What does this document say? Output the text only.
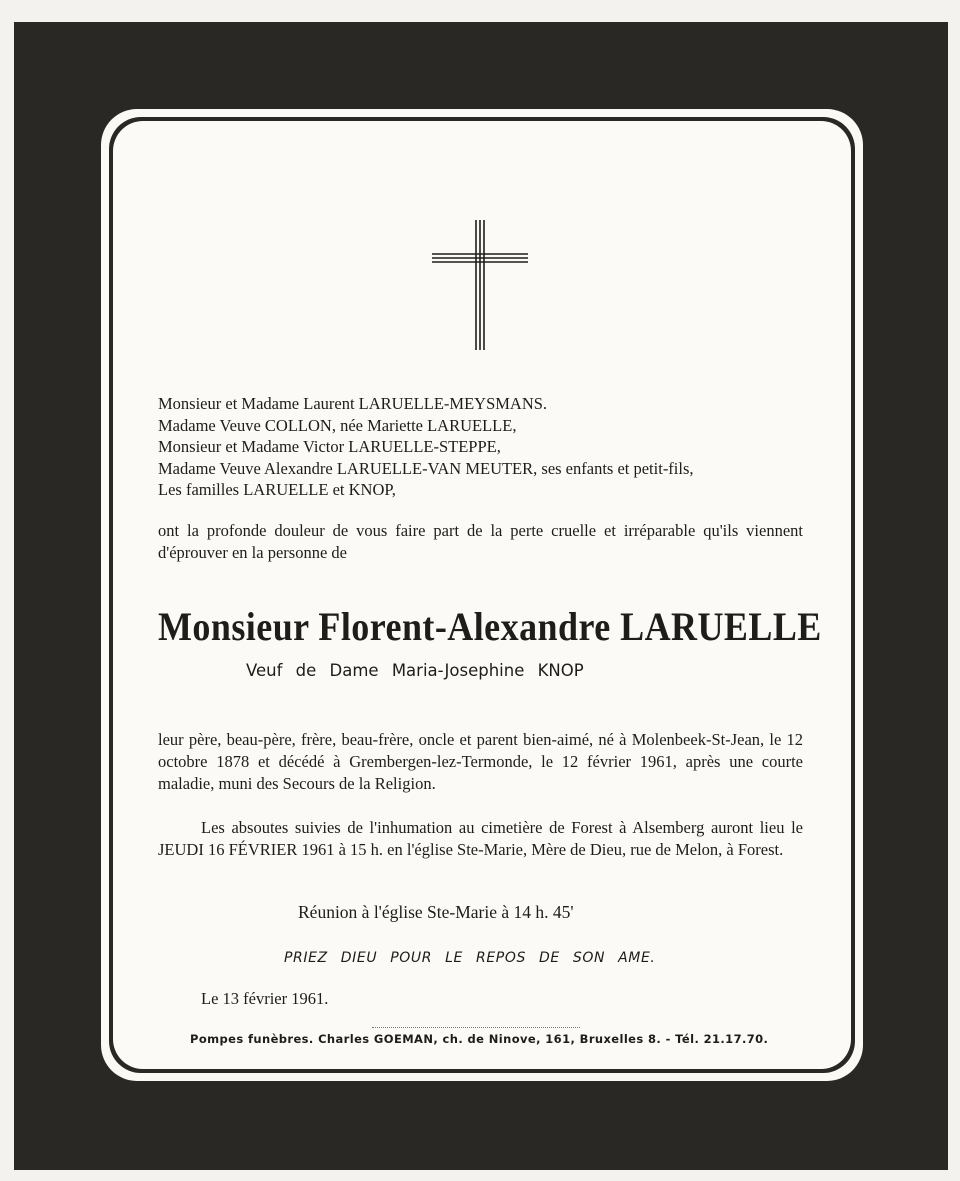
Monsieur et Madame Laurent LARUELLE-MEYSMANS.
Madame Veuve COLLON, née Mariette LARUELLE,
Monsieur et Madame Victor LARUELLE-STEPPE,
Madame Veuve Alexandre LARUELLE-VAN MEUTER, ses enfants et petit-fils,
Les familles LARUELLE et KNOP,
ont la profonde douleur de vous faire part de la perte cruelle et irréparable qu'ils viennent d'éprouver en la personne de
Monsieur Florent-Alexandre LARUELLE
Veuf de Dame Maria-Josephine KNOP
leur père, beau-père, frère, beau-frère, oncle et parent bien-aimé, né à Molenbeek-St-Jean, le 12 octobre 1878 et décédé à Grembergen-lez-Termonde, le 12 février 1961, après une courte maladie, muni des Secours de la Religion.
Les absoutes suivies de l'inhumation au cimetière de Forest à Alsemberg auront lieu le JEUDI 16 FÉVRIER 1961 à 15 h. en l'église Ste-Marie, Mère de Dieu, rue de Melon, à Forest.
Réunion à l'église Ste-Marie à 14 h. 45'
PRIEZ DIEU POUR LE REPOS DE SON AME.
Le 13 février 1961.
Pompes funèbres. Charles GOEMAN, ch. de Ninove, 161, Bruxelles 8. - Tél. 21.17.70.
